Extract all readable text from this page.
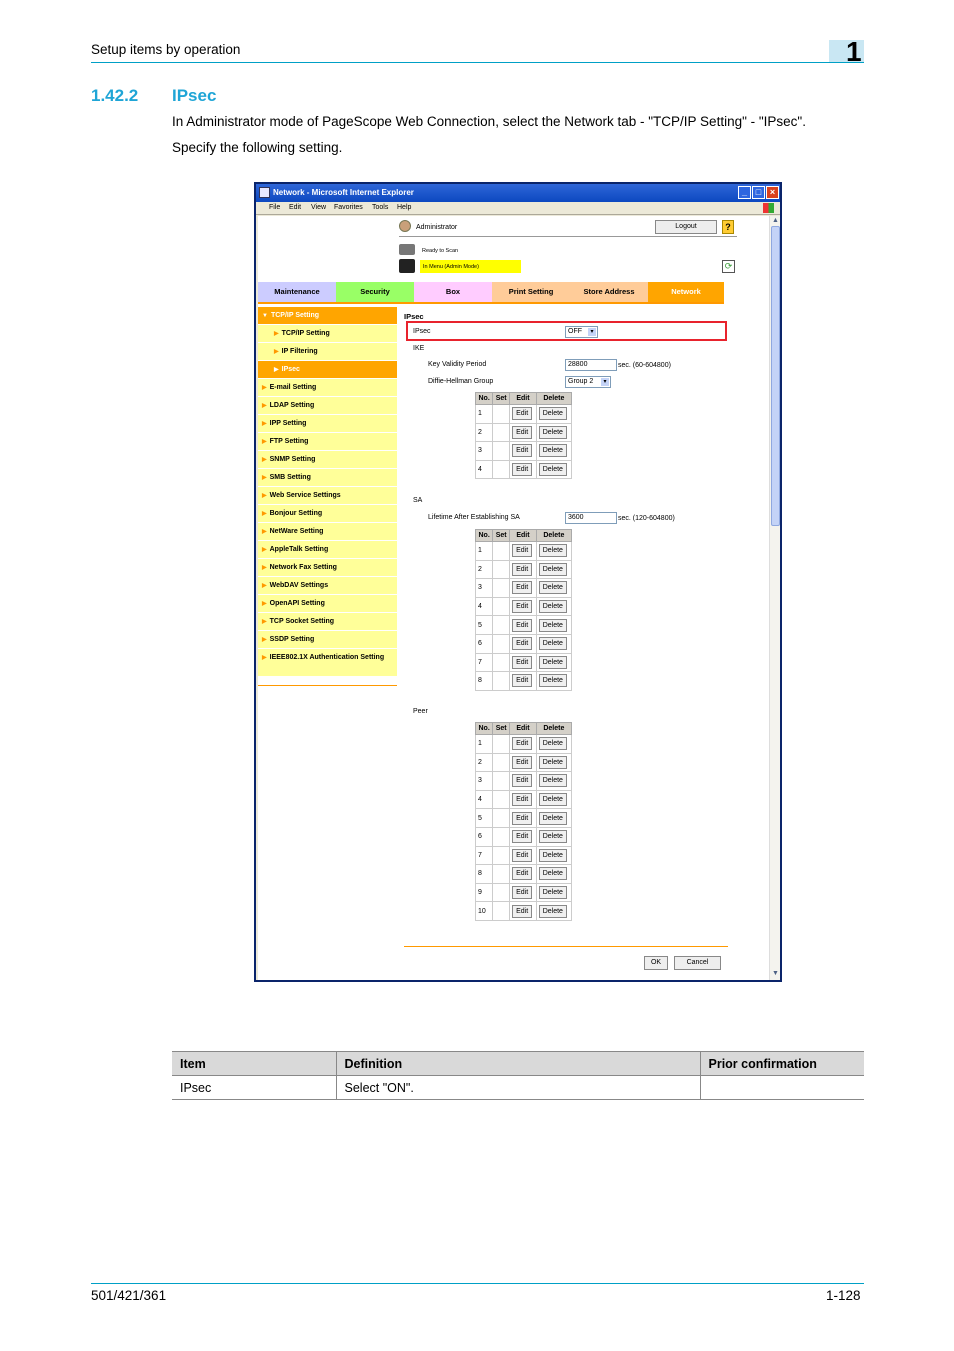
Setup items by operation	1
1.42.2 IPsec
In Administrator mode of PageScope Web Connection, select the Network tab - "TCP/IP Setting" - "IPsec".
Specify the following setting.
Network - Microsoft Internet Explorer	_ □ ×
File Edit View Favorites Tools Help
Administrator	Logout	?
Ready to Scan
In Menu (Admin Mode)	⟳
Maintenance	Security	Box	Print Setting	Store Address	Network
▼ TCP/IP Setting
▶ TCP/IP Setting
▶ IP Filtering
▶ IPsec
▶ E-mail Setting
▶ LDAP Setting
▶ IPP Setting
▶ FTP Setting
▶ SNMP Setting
▶ SMB Setting
▶ Web Service Settings
▶ Bonjour Setting
▶ NetWare Setting
▶ AppleTalk Setting
▶ Network Fax Setting
▶ WebDAV Settings
▶ OpenAPI Setting
▶ TCP Socket Setting
▶ SSDP Setting
▶ IEEE802.1X Authentication Setting
IPsec
IPsec	OFF	▾
IKE
Key Validity Period	28800	sec. (60-604800)
Diffie-Hellman Group	Group 2	▾
No.	Set	Edit	Delete
1		Edit	Delete
2		Edit	Delete
3		Edit	Delete
4		Edit	Delete
SA
Lifetime After Establishing SA	3600	sec. (120-604800)
No.	Set	Edit	Delete
1		Edit	Delete
2		Edit	Delete
3		Edit	Delete
4		Edit	Delete
5		Edit	Delete
6		Edit	Delete
7		Edit	Delete
8		Edit	Delete
Peer
No.	Set	Edit	Delete
1		Edit	Delete
2		Edit	Delete
3		Edit	Delete
4		Edit	Delete
5		Edit	Delete
6		Edit	Delete
7		Edit	Delete
8		Edit	Delete
9		Edit	Delete
10		Edit	Delete
OK	Cancel
▲
▼
Item	Definition	Prior confirmation
IPsec	Select "ON".	
501/421/361	1-128
